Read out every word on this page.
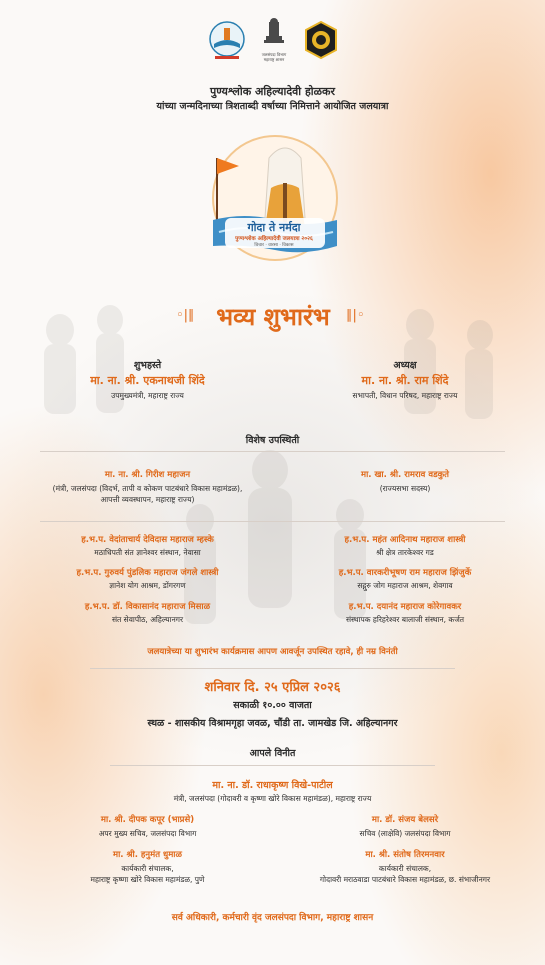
जलसंपदा विभाग महाराष्ट्र शासन
पुण्यश्लोक अहिल्यादेवी होळकर
यांच्या जन्मदिनाच्या त्रिशताब्दी वर्षाच्या निमित्ताने आयोजित जलयात्रा
गोदा ते नर्मदा
पुण्यश्लोक अहिल्यादेवी जलयात्रा २०२६
विचार · वारसा · विकास
◦|∥ भव्य शुभारंभ	∥|◦
शुभहस्ते
मा. ना. श्री. एकनाथजी शिंदे
उपमुख्यमंत्री, महाराष्ट्र राज्य
अध्यक्ष
मा. ना. श्री. राम शिंदे
सभापती, विधान परिषद, महाराष्ट्र राज्य
विशेष उपस्थिती
मा. ना. श्री. गिरीश महाजन
(मंत्री, जलसंपदा (विदर्भ, तापी व कोकण पाटबंधारे विकास महामंडळ),
आपत्ती व्यवस्थापन, महाराष्ट्र राज्य)
मा. खा. श्री. रामराव वडकुते
(राज्यसभा सदस्य)
ह.भ.प. वेदांताचार्य देविदास महाराज म्हस्के
मठाधिपती संत ज्ञानेश्वर संस्थान, नेवासा
ह.भ.प. महंत आदिनाथ महाराज शास्त्री
श्री क्षेत्र तारकेश्वर गड
ह.भ.प. गुरुवर्य पुंडलिक महाराज जंगले शास्त्री
ज्ञानेश योग आश्रम, डोंगरगण
ह.भ.प. वारकरीभूषण राम महाराज झिंजुर्के
सद्गुरु जोग महाराज आश्रम, शेवगाव
ह.भ.प. डॉ. विकासानंद महाराज मिसाळ
संत सेवापीठ, अहिल्यानगर
ह.भ.प. दयानंद महाराज कोरेगावकर
संस्थापक हरिहरेश्वर बालाजी संस्थान, कर्जत
जलयात्रेच्या या शुभारंभ कार्यक्रमास आपण आवर्जून उपस्थित रहावे, ही नम्र विनंती
शनिवार दि. २५ एप्रिल २०२६
सकाळी १०.०० वाजता
स्थळ - शासकीय विश्रामगृहा जवळ, चौंडी ता. जामखेड जि. अहिल्यानगर
आपले विनीत
मा. ना. डॉ. राधाकृष्ण विखे-पाटील
मंत्री, जलसंपदा (गोदावरी व कृष्णा खोरे विकास महामंडळ), महाराष्ट्र राज्य
मा. श्री. दीपक कपूर (भाप्रसे)
अपर मुख्य सचिव, जलसंपदा विभाग
मा. डॉ. संजय बेलसरे
सचिव (लाक्षेवि) जलसंपदा विभाग
मा. श्री. हनुमंत धुमाळ
कार्यकारी संचालक,
महाराष्ट्र कृष्णा खोरे विकास महामंडळ, पुणे
मा. श्री. संतोष तिरमनवार
कार्यकारी संचालक,
गोदावरी मराठवाडा पाटबंधारे विकास महामंडळ, छ. संभाजीनगर
सर्व अधिकारी, कर्मचारी वृंद जलसंपदा विभाग, महाराष्ट्र शासन
